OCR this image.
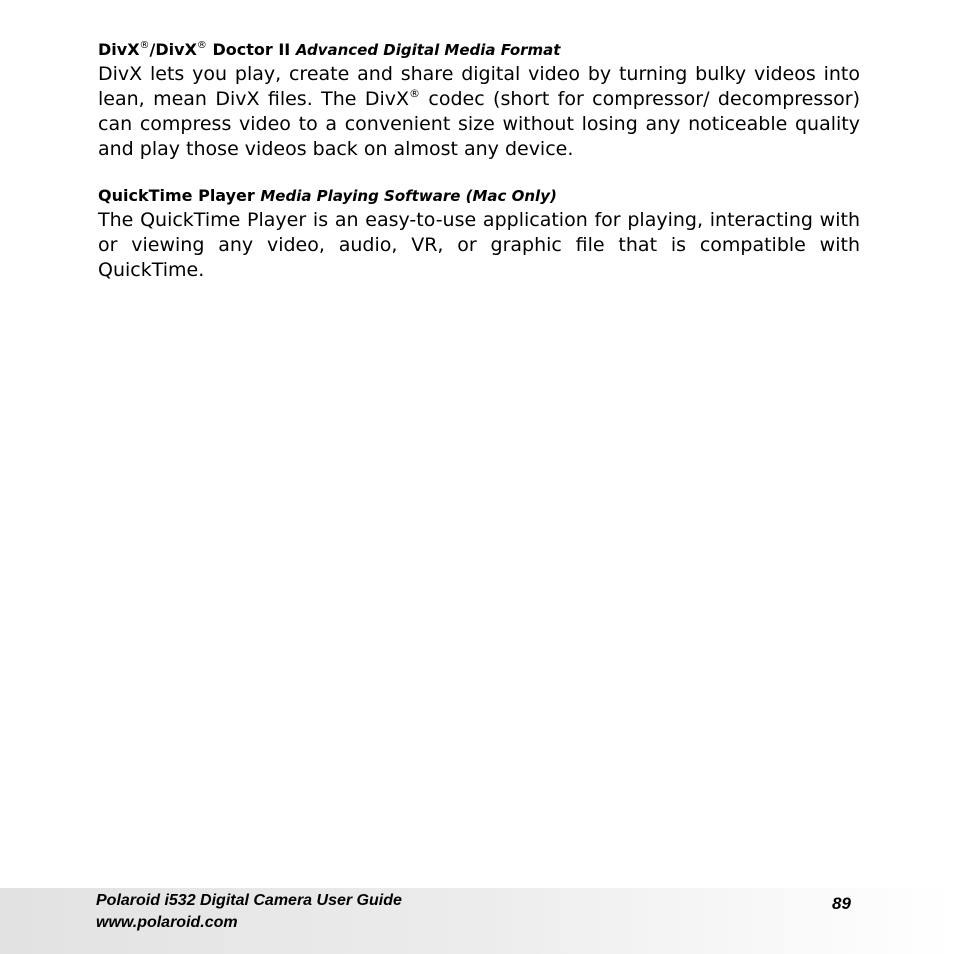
DivX®/DivX® Doctor II Advanced Digital Media Format

DivX lets you play, create and share digital video by turning bulky videos into lean, mean DivX files. The DivX® codec (short for compressor/ decompressor) can compress video to a convenient size without losing any noticeable quality and play those videos back on almost any device.

QuickTime Player Media Playing Software (Mac Only)

The QuickTime Player is an easy-to-use application for playing, interacting with or viewing any video, audio, VR, or graphic file that is compatible with QuickTime.

Polaroid i532 Digital Camera User Guide
www.polaroid.com
89
